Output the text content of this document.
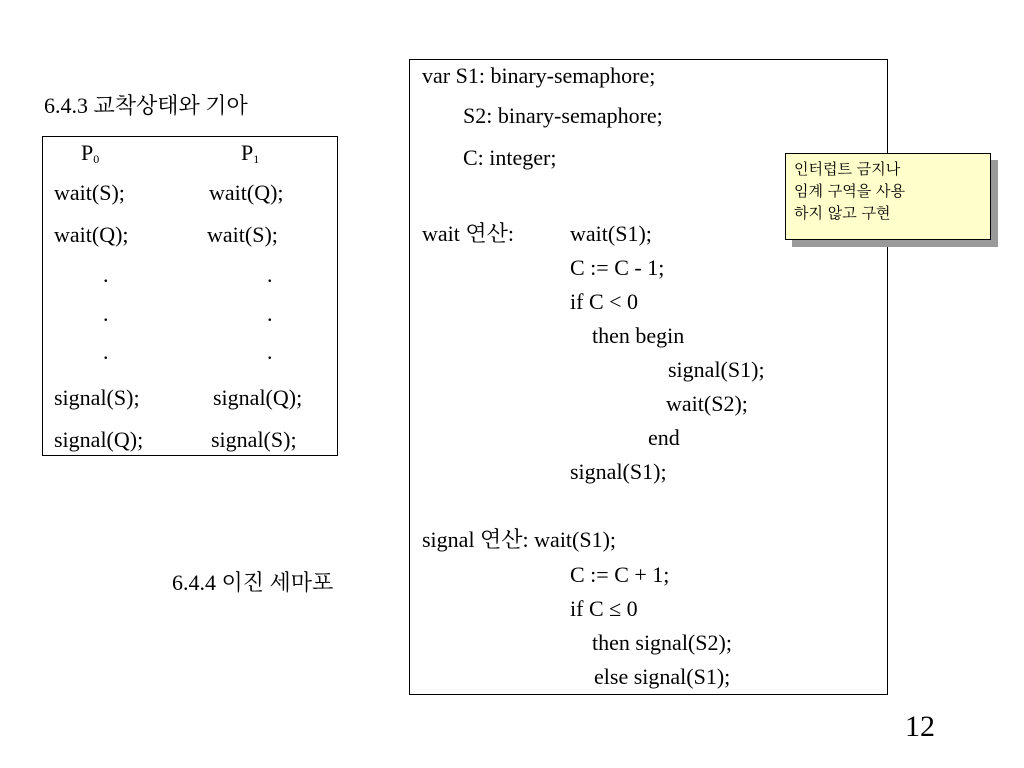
6.4.3 교착상태와 기아
$P_0$	$P_1$
wait(S);	wait(Q);
wait(Q);	wait(S);
.	.
.	.
.	.
signal(S);	signal(Q);
signal(Q);	signal(S);
var S1: binary-semaphore;
S2: binary-semaphore;
C: integer;
wait 연산:	wait(S1);
C := C - 1;
if C < 0
then begin
signal(S1);
wait(S2);
end
signal(S1);
signal 연산: wait(S1);
C := C + 1;
if C ≤ 0
then signal(S2);
else signal(S1);
인터럽트 금지나
임계 구역을 사용
하지 않고 구현
6.4.4 이진 세마포
12
